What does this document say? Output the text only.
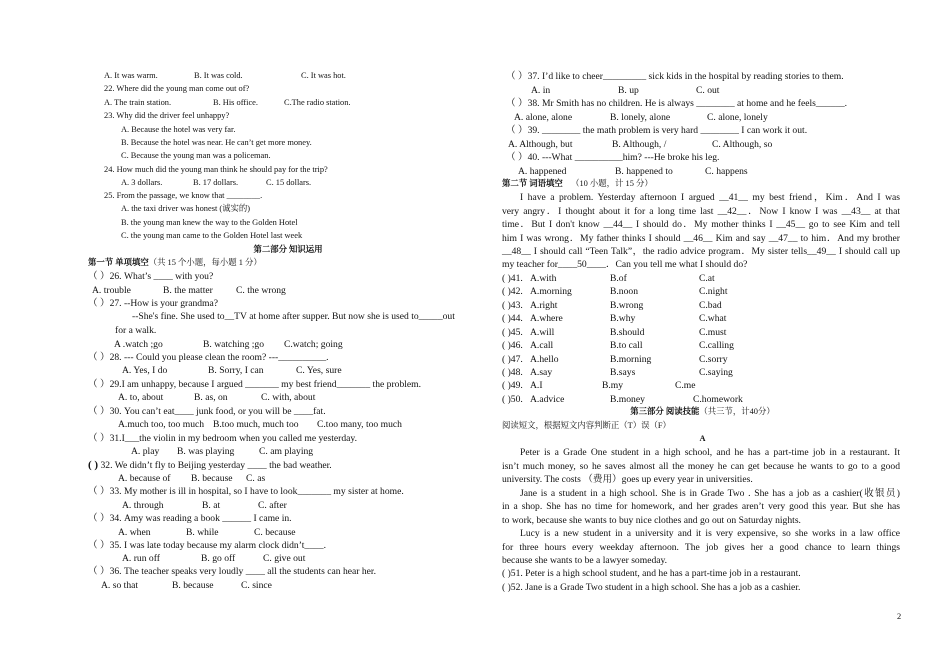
A. It was warm.	B. It was cold.	C. It was hot.
22. Where did the young man come out of?
A. The train station.	B. His office.	C.The radio station.
23. Why did the driver feel unhappy?
A. Because the hotel was very far.
B. Because the hotel was near. He can’t get more money.
C. Because the young man was a policeman.
24. How much did the young man think he should pay for the trip?
A. 3 dollars.	B. 17 dollars.	C. 15 dollars.
25. From the passage, we know that ________.
A. the taxi driver was honest (诚实的)
B. the young man knew the way to the Golden Hotel
C. the young man came to the Golden Hotel last week
第二部分 知识运用
第一节 单项填空（共 15 个小题，每小题 1 分）
（ ）26. What’s ____ with you?
A. trouble	B. the matter C. the wrong
（ ）27. --How is your grandma?
--She's fine. She used to__TV at home after supper. But now she is used to_____out
for a walk.
A .watch ;go	B. watching ;go C.watch; going
（ ）28. --- Could you please clean the room? ---__________.
A. Yes, I do	B. Sorry, I can	C. Yes, sure
（ ）29.I am unhappy, because I argued _______ my best friend_______ the problem.
A. to, about	B. as, on	C. with, about
（ ）30. You can’t eat____ junk food, or you will be ____fat.
A.much too, too much B.too much, much too C.too many, too much
（ ）31.I___the violin in my bedroom when you called me yesterday.
A. play B. was playing	C. am playing
( ) 32. We didn’t fly to Beijing yesterday ____ the bad weather.
A. because of B. because C. as
（ ）33. My mother is ill in hospital, so I have to look_______ my sister at home.
A. through	B. at	C. after
（ ）34. Amy was reading a book ______ I came in.
A. when	B. while	C. because
（ ）35. I was late today because my alarm clock didn’t____.
A. run off	B. go off	C. give out
（ ）36. The teacher speaks very loudly ____ all the students can hear her.
A. so that	B. because	C. since
（ ）37. I’d like to cheer_________ sick kids in the hospital by reading stories to them.
A. in	B. up	C. out
（ ）38. Mr Smith has no children. He is always ________ at home and he feels______.
A. alone, alone	B. lonely, alone	C. alone, lonely
（ ）39. ________ the math problem is very hard ________ I can work it out.
A. Although, but	B. Although, /	C. Although, so
（ ）40. ---What __________him? ---He broke his leg.
A. happened	B. happened to	C. happens
第二节 词语填空 （10 小题，计 15 分）
I have a problem. Yesterday afternoon I argued __41__ my best friend，Kim．And I was
very angry．I thought about it for a long time last __42__．Now I know I was __43__ at that
time．But I don't know __44__ I should do．My mother thinks I __45__ go to see Kim and tell
him I was wrong．My father thinks I should __46__ Kim and say __47__ to him．And my brother
__48__ I should call “Teen Talk”，the radio advice program．My sister tells__49__ I should call up
my teacher for____50____．Can you tell me what I should do?
( )41. A.with	B.of	C.at
( )42. A.morning	B.noon	C.night
( )43. A.right	B.wrong	C.bad
( )44. A.where	B.why	C.what
( )45. A.will	B.should	C.must
( )46. A.call	B.to call	C.calling
( )47. A.hello	B.morning	C.sorry
( )48. A.say	B.says	C.saying
( )49. A.I	B.my	C.me
( )50. A.advice	B.money	C.homework
第三部分 阅读技能（共三节，计40分）
阅读短文，根据短文内容判断正（T）误（F）
A
Peter is a Grade One student in a high school, and he has a part-time job in a restaurant. It
isn’t much money, so he saves almost all the money he can get because he wants to go to a good
university. The costs （费用）goes up every year in universities.
Jane is a student in a high school. She is in Grade Two . She has a job as a cashier(收银员)
in a shop. She has no time for homework, and her grades aren’t very good this year. But she has
to work, because she wants to buy nice clothes and go out on Saturday nights.
Lucy is a new student in a university and it is very expensive, so she works in a law office
for three hours every weekday afternoon. The job gives her a good chance to learn things
because she wants to be a lawyer someday.
( )51. Peter is a high school student, and he has a part-time job in a restaurant.
( )52. Jane is a Grade Two student in a high school. She has a job as a cashier.
2
